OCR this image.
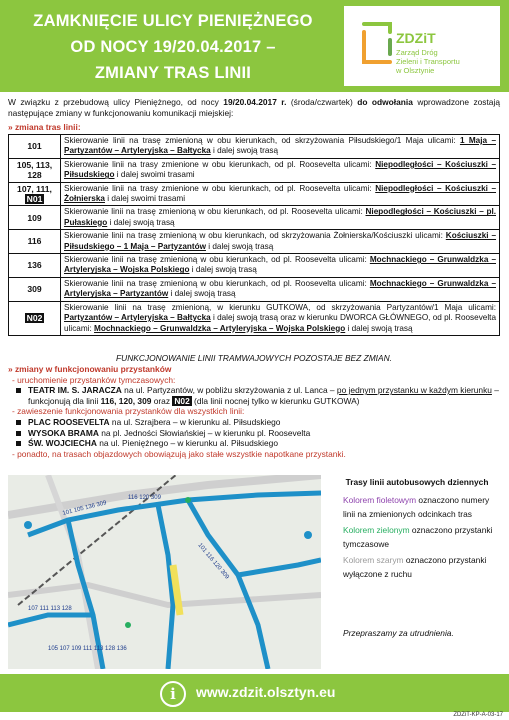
ZAMKNIĘCIE ULICY PIENIĘŻNEGO
OD NOCY 19/20.04.2017 –
ZMIANY TRAS LINII
ZDZiT
Zarząd Dróg
Zieleni i Transportu
w Olsztynie
W związku z przebudową ulicy Pieniężnego, od nocy 19/20.04.2017 r. (środa/czwartek) do odwołania wprowadzone zostają następujące zmiany w funkcjonowaniu komunikacji miejskiej:
» zmiana tras linii:
101	Skierowanie linii na trasę zmienioną w obu kierunkach, od skrzyżowania Piłsudskiego/1 Maja ulicami: 1 Maja – Partyzantów – Artyleryjska – Bałtycka i dalej swoją trasą
105, 113, 128	Skierowanie linii na trasy zmienione w obu kierunkach, od pl. Roosevelta ulicami: Niepodległości – Kościuszki – Piłsudskiego i dalej swoimi trasami
107, 111, N01	Skierowanie linii na trasy zmienione w obu kierunkach, od pl. Roosevelta ulicami: Niepodległości – Kościuszki – Żołnierska i dalej swoimi trasami
109	Skierowanie linii na trasę zmienioną w obu kierunkach, od pl. Roosevelta ulicami: Niepodległości – Kościuszki – pl. Pułaskiego i dalej swoją trasą
116	Skierowanie linii na trasę zmienioną w obu kierunkach, od skrzyżowania Żołnierska/Kościuszki ulicami: Kościuszki – Piłsudskiego – 1 Maja – Partyzantów i dalej swoją trasą
136	Skierowanie linii na trasę zmienioną w obu kierunkach, od pl. Roosevelta ulicami: Mochnackiego – Grunwaldzka – Artyleryjska – Wojska Polskiego i dalej swoją trasą
309	Skierowanie linii na trasę zmienioną w obu kierunkach, od pl. Roosevelta ulicami: Mochnackiego – Grunwaldzka – Artyleryjska – Partyzantów i dalej swoją trasą
N02	Skierowanie linii na trasę zmienioną, w kierunku GUTKOWA, od skrzyżowania Partyzantów/1 Maja ulicami: Partyzantów – Artyleryjska – Bałtycka i dalej swoją trasą oraz w kierunku DWORCA GŁÓWNEGO, od pl. Roosevelta ulicami: Mochnackiego – Grunwaldzka – Artyleryjska – Wojska Polskiego i dalej swoją trasą
FUNKCJONOWANIE LINII TRAMWAJOWYCH POZOSTAJE BEZ ZMIAN.
» zmiany w funkcjonowaniu przystanków
- uruchomienie przystanków tymczasowych:
TEATR IM. S. JARACZA na ul. Partyzantów, w pobliżu skrzyżowania z ul. Lanca – po jednym przystanku w każdym kierunku – funkcjonują dla linii 116, 120, 309 oraz N02 (dla linii nocnej tylko w kierunku GUTKOWA)
- zawieszenie funkcjonowania przystanków dla wszystkich linii:
PLAC ROOSEVELTA na ul. Szrajbera – w kierunku al. Piłsudskiego
WYSOKA BRAMA na pl. Jedności Słowiańskiej – w kierunku pl. Roosevelta
ŚW. WOJCIECHA na ul. Pieniężnego – w kierunku al. Piłsudskiego
- ponadto, na trasach objazdowych obowiązują jako stałe wszystkie napotkane przystanki.
116 120 309
101 105 136 309
101 116 120 309
107 111 113 128
105 107 109 111 113 128 136
Trasy linii autobusowych dziennych
Kolorem fioletowym oznaczono numery linii na zmienionych odcinkach tras
Kolorem zielonym oznaczono przystanki tymczasowe
Kolorem szarym oznaczono przystanki wyłączone z ruchu
Przepraszamy za utrudnienia.
i	www.zdzit.olsztyn.eu
ZDZiT-KP-A-03-17
